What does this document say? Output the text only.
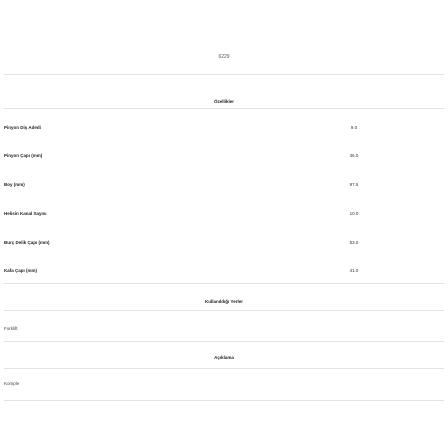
6229
Özellikler
Pinyon Diş Adedi	9.0
Pinyon Çapı (mm)	36.0
Boy (mm)	97.5
Helisin Kanal Sayısı	10.0
Burç Delik Çapı (mm)	53.0
Kafa Çapı (mm)	41.0
Kullanıldığı Yerler
Forklift
Açıklama
Komple
